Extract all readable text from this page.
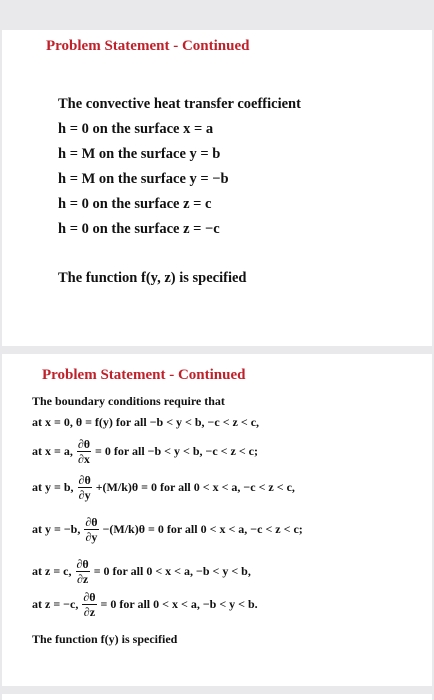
Problem Statement - Continued
The convective heat transfer coefficient
h = 0 on the surface x = a
h = M on the surface y = b
h = M on the surface y = −b
h = 0 on the surface z = c
h = 0 on the surface z = −c
The function f(y, z) is specified
Problem Statement - Continued
The boundary conditions require that
at x = 0, θ = f(y) for all −b < y < b, −c < z < c,
at x = a, $\frac{\partial\theta}{\partial x} = 0$ for all −b < y < b, −c < z < c;
at y = b, $\frac{\partial\theta}{\partial y} +(M/k)\theta = 0$ for all 0 < x < a, −c < z < c,
at y = −b, $\frac{\partial\theta}{\partial y} -(M/k)\theta = 0$ for all 0 < x < a, −c < z < c;
at z = c, $\frac{\partial\theta}{\partial z} = 0$ for all 0 < x < a, −b < y < b,
at z = −c, $\frac{\partial\theta}{\partial z} = 0$ for all 0 < x < a, −b < y < b.
The function f(y) is specified
